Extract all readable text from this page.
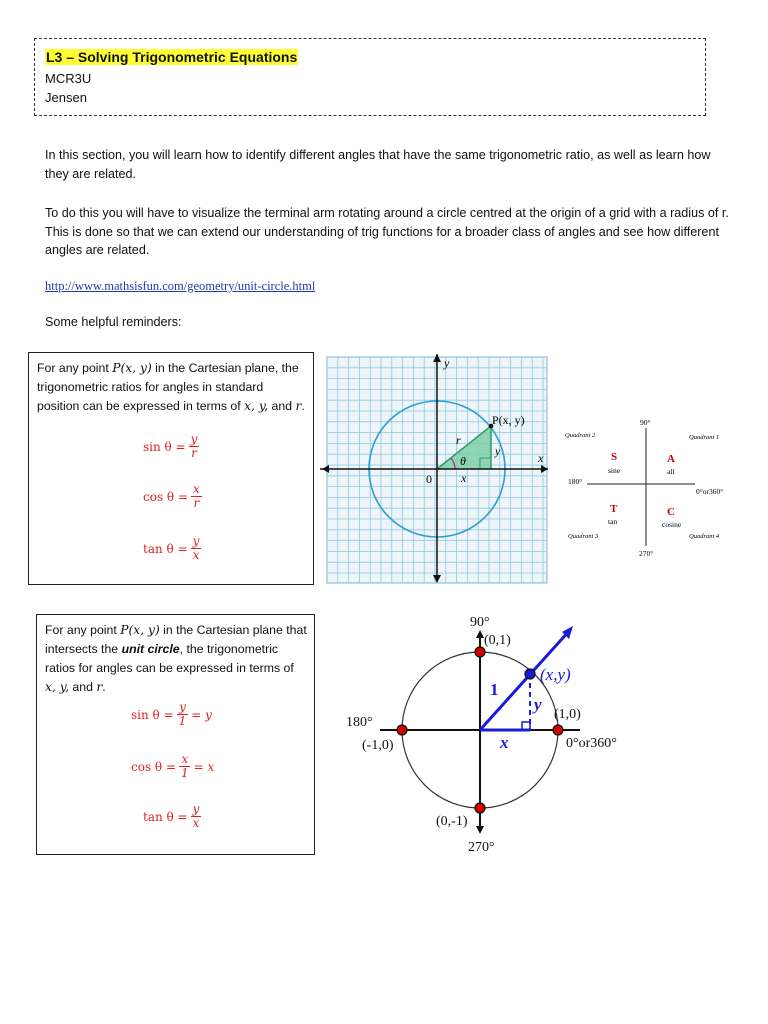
L3 – Solving Trigonometric Equations
MCR3U
Jensen
In this section, you will learn how to identify different angles that have the same trigonometric ratio, as well as learn how they are related.
To do this you will have to visualize the terminal arm rotating around a circle centred at the origin of a grid with a radius of r. This is done so that we can extend our understanding of trig functions for a broader class of angles and see how different angles are related.
http://www.mathsisfun.com/geometry/unit-circle.html
Some helpful reminders:
For any point P(x, y) in the Cartesian plane, the trigonometric ratios for angles in standard position can be expressed in terms of x, y, and r.
$\sin \theta = \frac{y}{r}$
$\cos \theta = \frac{x}{r}$
$\tan \theta = \frac{y}{x}$
y
x
0
P(x, y)
r
θ
y
x
Quadrant 2	Quadrant 1
Quadrant 3	Quadrant 4
90°
180°
0°or360°
270°
S	A
T	C
sine	all
tan	cosine
For any point P(x, y) in the Cartesian plane that intersects the unit circle, the trigonometric ratios for angles can be expressed in terms of x, y, and r.
$\sin \theta = \frac{y}{1} = y$
$\cos \theta = \frac{x}{1} = x$
$\tan \theta = \frac{y}{x}$
90°
(0,1)
180°
(-1,0)
(1,0)
0°or360°
(0,-1)
270°
(x,y)
1
y
x
